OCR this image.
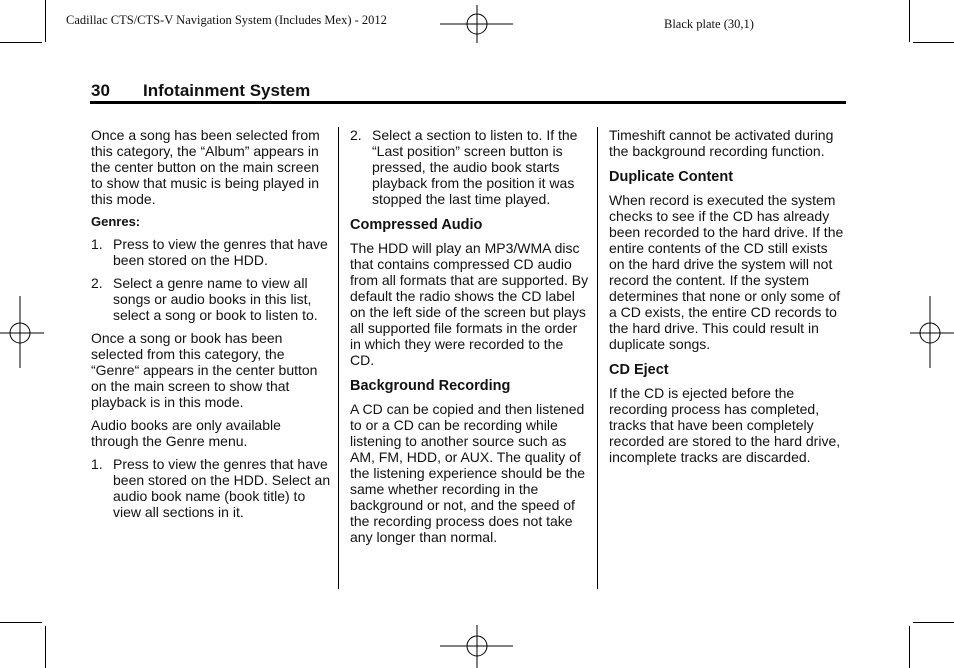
Cadillac CTS/CTS-V Navigation System (Includes Mex) - 2012	Black plate (30,1)
30 Infotainment System

Once a song has been selected from this category, the “Album” appears in the center button on the main screen to show that music is being played in this mode.

Genres:
1. Press to view the genres that have been stored on the HDD.
2. Select a genre name to view all songs or audio books in this list, select a song or book to listen to.

Once a song or book has been selected from this category, the “Genre“ appears in the center button on the main screen to show that playback is in this mode.

Audio books are only available through the Genre menu.

1. Press to view the genres that have been stored on the HDD. Select an audio book name (book title) to view all sections in it.
2. Select a section to listen to. If the “Last position” screen button is pressed, the audio book starts playback from the position it was stopped the last time played.
Compressed Audio

The HDD will play an MP3/WMA disc that contains compressed CD audio from all formats that are supported. By default the radio shows the CD label on the left side of the screen but plays all supported file formats in the order in which they were recorded to the CD.

Background Recording

A CD can be copied and then listened to or a CD can be recording while listening to another source such as AM, FM, HDD, or AUX. The quality of the listening experience should be the same whether recording in the background or not, and the speed of the recording process does not take any longer than normal.

Timeshift cannot be activated during the background recording function.

Duplicate Content

When record is executed the system checks to see if the CD has already been recorded to the hard drive. If the entire contents of the CD still exists on the hard drive the system will not record the content. If the system determines that none or only some of a CD exists, the entire CD records to the hard drive. This could result in duplicate songs.

CD Eject

If the CD is ejected before the recording process has completed, tracks that have been completely recorded are stored to the hard drive, incomplete tracks are discarded.
